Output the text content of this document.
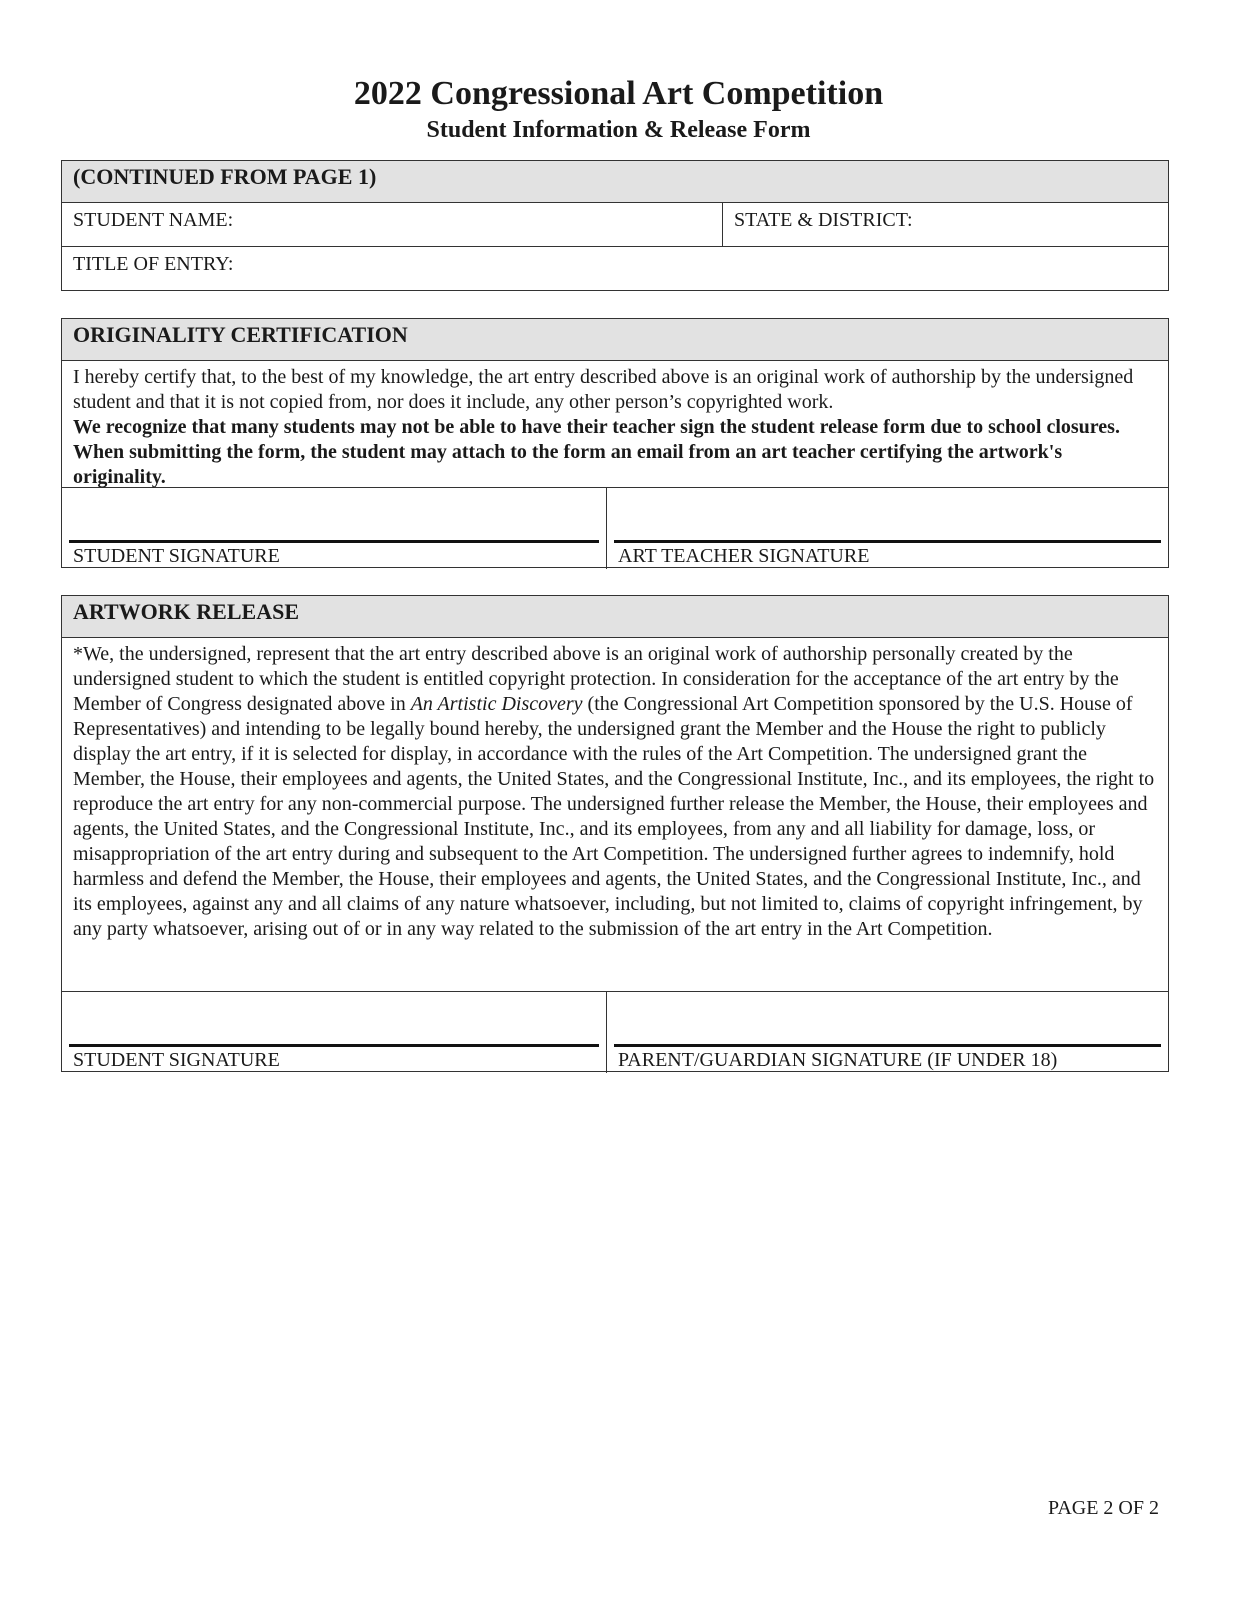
2022 Congressional Art Competition
Student Information & Release Form
(CONTINUED FROM PAGE 1)
STUDENT NAME:	STATE & DISTRICT:
TITLE OF ENTRY:
ORIGINALITY CERTIFICATION
I hereby certify that, to the best of my knowledge, the art entry described above is an original work of authorship by the undersigned student and that it is not copied from, nor does it include, any other person’s copyrighted work.
We recognize that many students may not be able to have their teacher sign the student release form due to school closures. When submitting the form, the student may attach to the form an email from an art teacher certifying the artwork's originality.
STUDENT SIGNATURE	ART TEACHER SIGNATURE
ARTWORK RELEASE
*We, the undersigned, represent that the art entry described above is an original work of authorship personally created by the undersigned student to which the student is entitled copyright protection. In consideration for the acceptance of the art entry by the Member of Congress designated above in An Artistic Discovery (the Congressional Art Competition sponsored by the U.S. House of Representatives) and intending to be legally bound hereby, the undersigned grant the Member and the House the right to publicly display the art entry, if it is selected for display, in accordance with the rules of the Art Competition. The undersigned grant the Member, the House, their employees and agents, the United States, and the Congressional Institute, Inc., and its employees, the right to reproduce the art entry for any non-commercial purpose. The undersigned further release the Member, the House, their employees and agents, the United States, and the Congressional Institute, Inc., and its employees, from any and all liability for damage, loss, or misappropriation of the art entry during and subsequent to the Art Competition. The undersigned further agrees to indemnify, hold harmless and defend the Member, the House, their employees and agents, the United States, and the Congressional Institute, Inc., and its employees, against any and all claims of any nature whatsoever, including, but not limited to, claims of copyright infringement, by any party whatsoever, arising out of or in any way related to the submission of the art entry in the Art Competition.
STUDENT SIGNATURE	PARENT/GUARDIAN SIGNATURE (IF UNDER 18)
PAGE 2 OF 2
